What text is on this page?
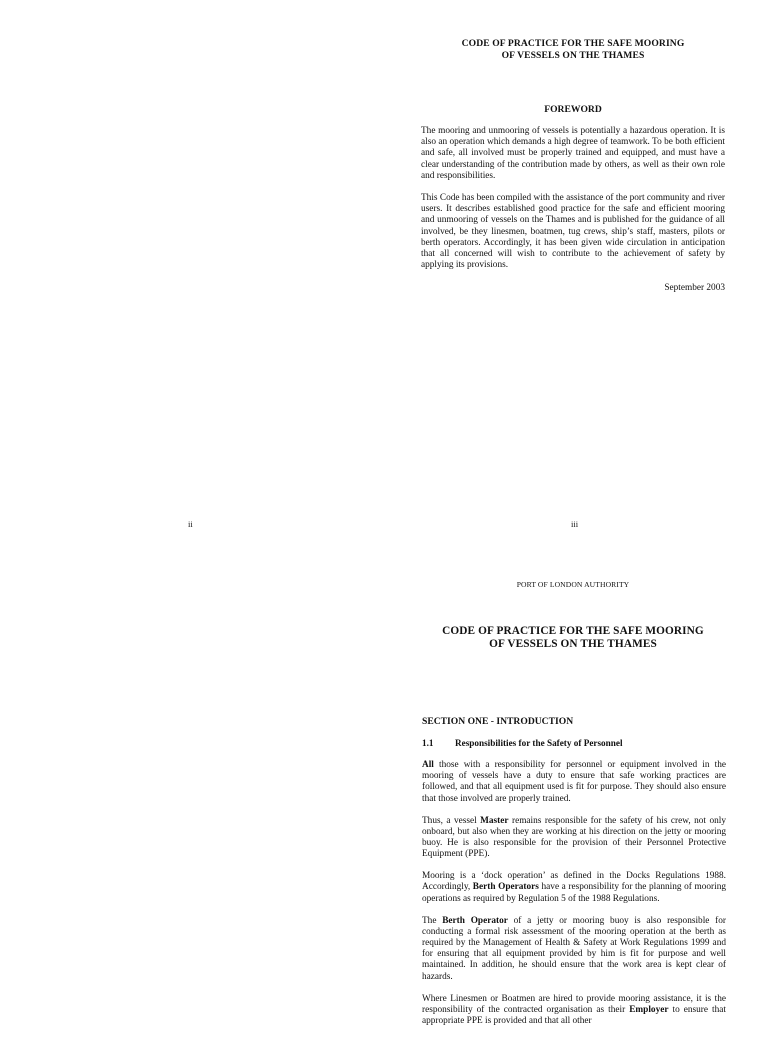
CODE OF PRACTICE FOR THE SAFE MOORING
OF VESSELS ON THE THAMES
FOREWORD

The mooring and unmooring of vessels is potentially a hazardous operation. It is also an operation which demands a high degree of teamwork. To be both efficient and safe, all involved must be properly trained and equipped, and must have a clear understanding of the contribution made by others, as well as their own role and responsibilities.

This Code has been compiled with the assistance of the port community and river users. It describes established good practice for the safe and efficient mooring and unmooring of vessels on the Thames and is published for the guidance of all involved, be they linesmen, boatmen, tug crews, ship’s staff, masters, pilots or berth operators. Accordingly, it has been given wide circulation in anticipation that all concerned will wish to contribute to the achievement of safety by applying its provisions.

September 2003
ii	iii
PORT OF LONDON AUTHORITY
CODE OF PRACTICE FOR THE SAFE MOORING
OF VESSELS ON THE THAMES
SECTION ONE - INTRODUCTION
1.1 Responsibilities for the Safety of Personnel

All those with a responsibility for personnel or equipment involved in the mooring of vessels have a duty to ensure that safe working practices are followed, and that all equipment used is fit for purpose. They should also ensure that those involved are properly trained.

Thus, a vessel Master remains responsible for the safety of his crew, not only onboard, but also when they are working at his direction on the jetty or mooring buoy. He is also responsible for the provision of their Personnel Protective Equipment (PPE).

Mooring is a ‘dock operation’ as defined in the Docks Regulations 1988. Accordingly, Berth Operators have a responsibility for the planning of mooring operations as required by Regulation 5 of the 1988 Regulations.

The Berth Operator of a jetty or mooring buoy is also responsible for conducting a formal risk assessment of the mooring operation at the berth as required by the Management of Health & Safety at Work Regulations 1999 and for ensuring that all equipment provided by him is fit for purpose and well maintained. In addition, he should ensure that the work area is kept clear of hazards.

Where Linesmen or Boatmen are hired to provide mooring assistance, it is the responsibility of the contracted organisation as their Employer to ensure that appropriate PPE is provided and that all other
